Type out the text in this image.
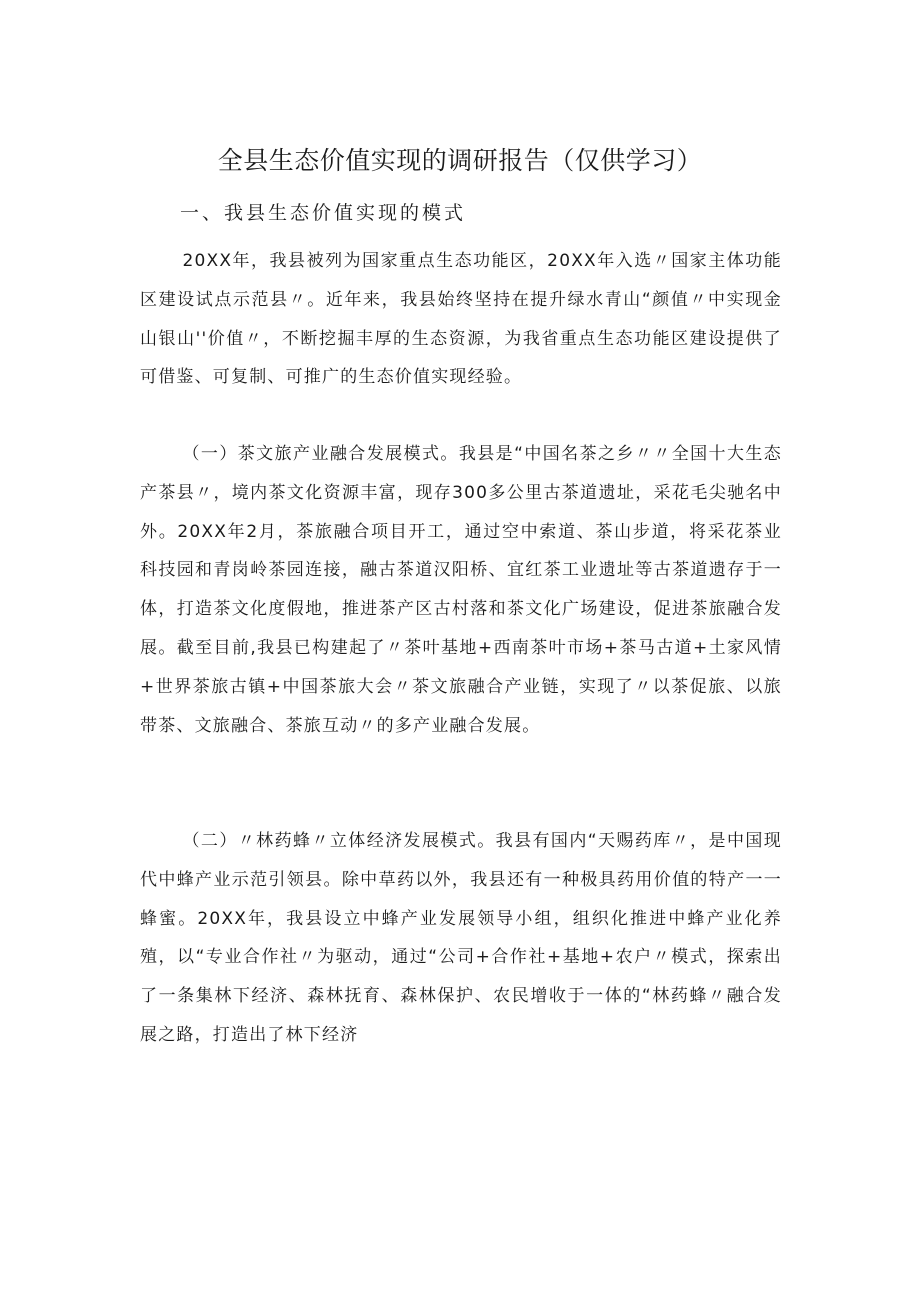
全县生态价值实现的调研报告（仅供学习）
一、我县生态价值实现的模式

20XX年，我县被列为国家重点生态功能区，20XX年入选〃国家主体功能区建设试点示范县〃。近年来，我县始终坚持在提升绿水青山“颜值〃中实现金山银山''价值〃，不断挖掘丰厚的生态资源，为我省重点生态功能区建设提供了可借鉴、可复制、可推广的生态价值实现经验。

（一）茶文旅产业融合发展模式。我县是“中国名茶之乡〃〃全国十大生态产茶县〃，境内茶文化资源丰富，现存300多公里古茶道遗址，采花毛尖驰名中外。20XX年2月，茶旅融合项目开工，通过空中索道、茶山步道，将采花茶业科技园和青岗岭茶园连接，融古茶道汉阳桥、宜红茶工业遗址等古茶道遗存于一体，打造茶文化度假地，推进茶产区古村落和茶文化广场建设，促进茶旅融合发展。截至目前,我县已构建起了〃茶叶基地+西南茶叶市场+茶马古道+土家风情+世界茶旅古镇+中国茶旅大会〃茶文旅融合产业链，实现了〃以茶促旅、以旅带茶、文旅融合、茶旅互动〃的多产业融合发展。

（二）〃林药蜂〃立体经济发展模式。我县有国内“天赐药库〃，是中国现代中蜂产业示范引领县。除中草药以外，我县还有一种极具药用价值的特产一一蜂蜜。20XX年，我县设立中蜂产业发展领导小组，组织化推进中蜂产业化养殖，以“专业合作社〃为驱动，通过“公司+合作社+基地+农户〃模式，探索出了一条集林下经济、森林抚育、森林保护、农民增收于一体的“林药蜂〃融合发展之路，打造出了林下经济
